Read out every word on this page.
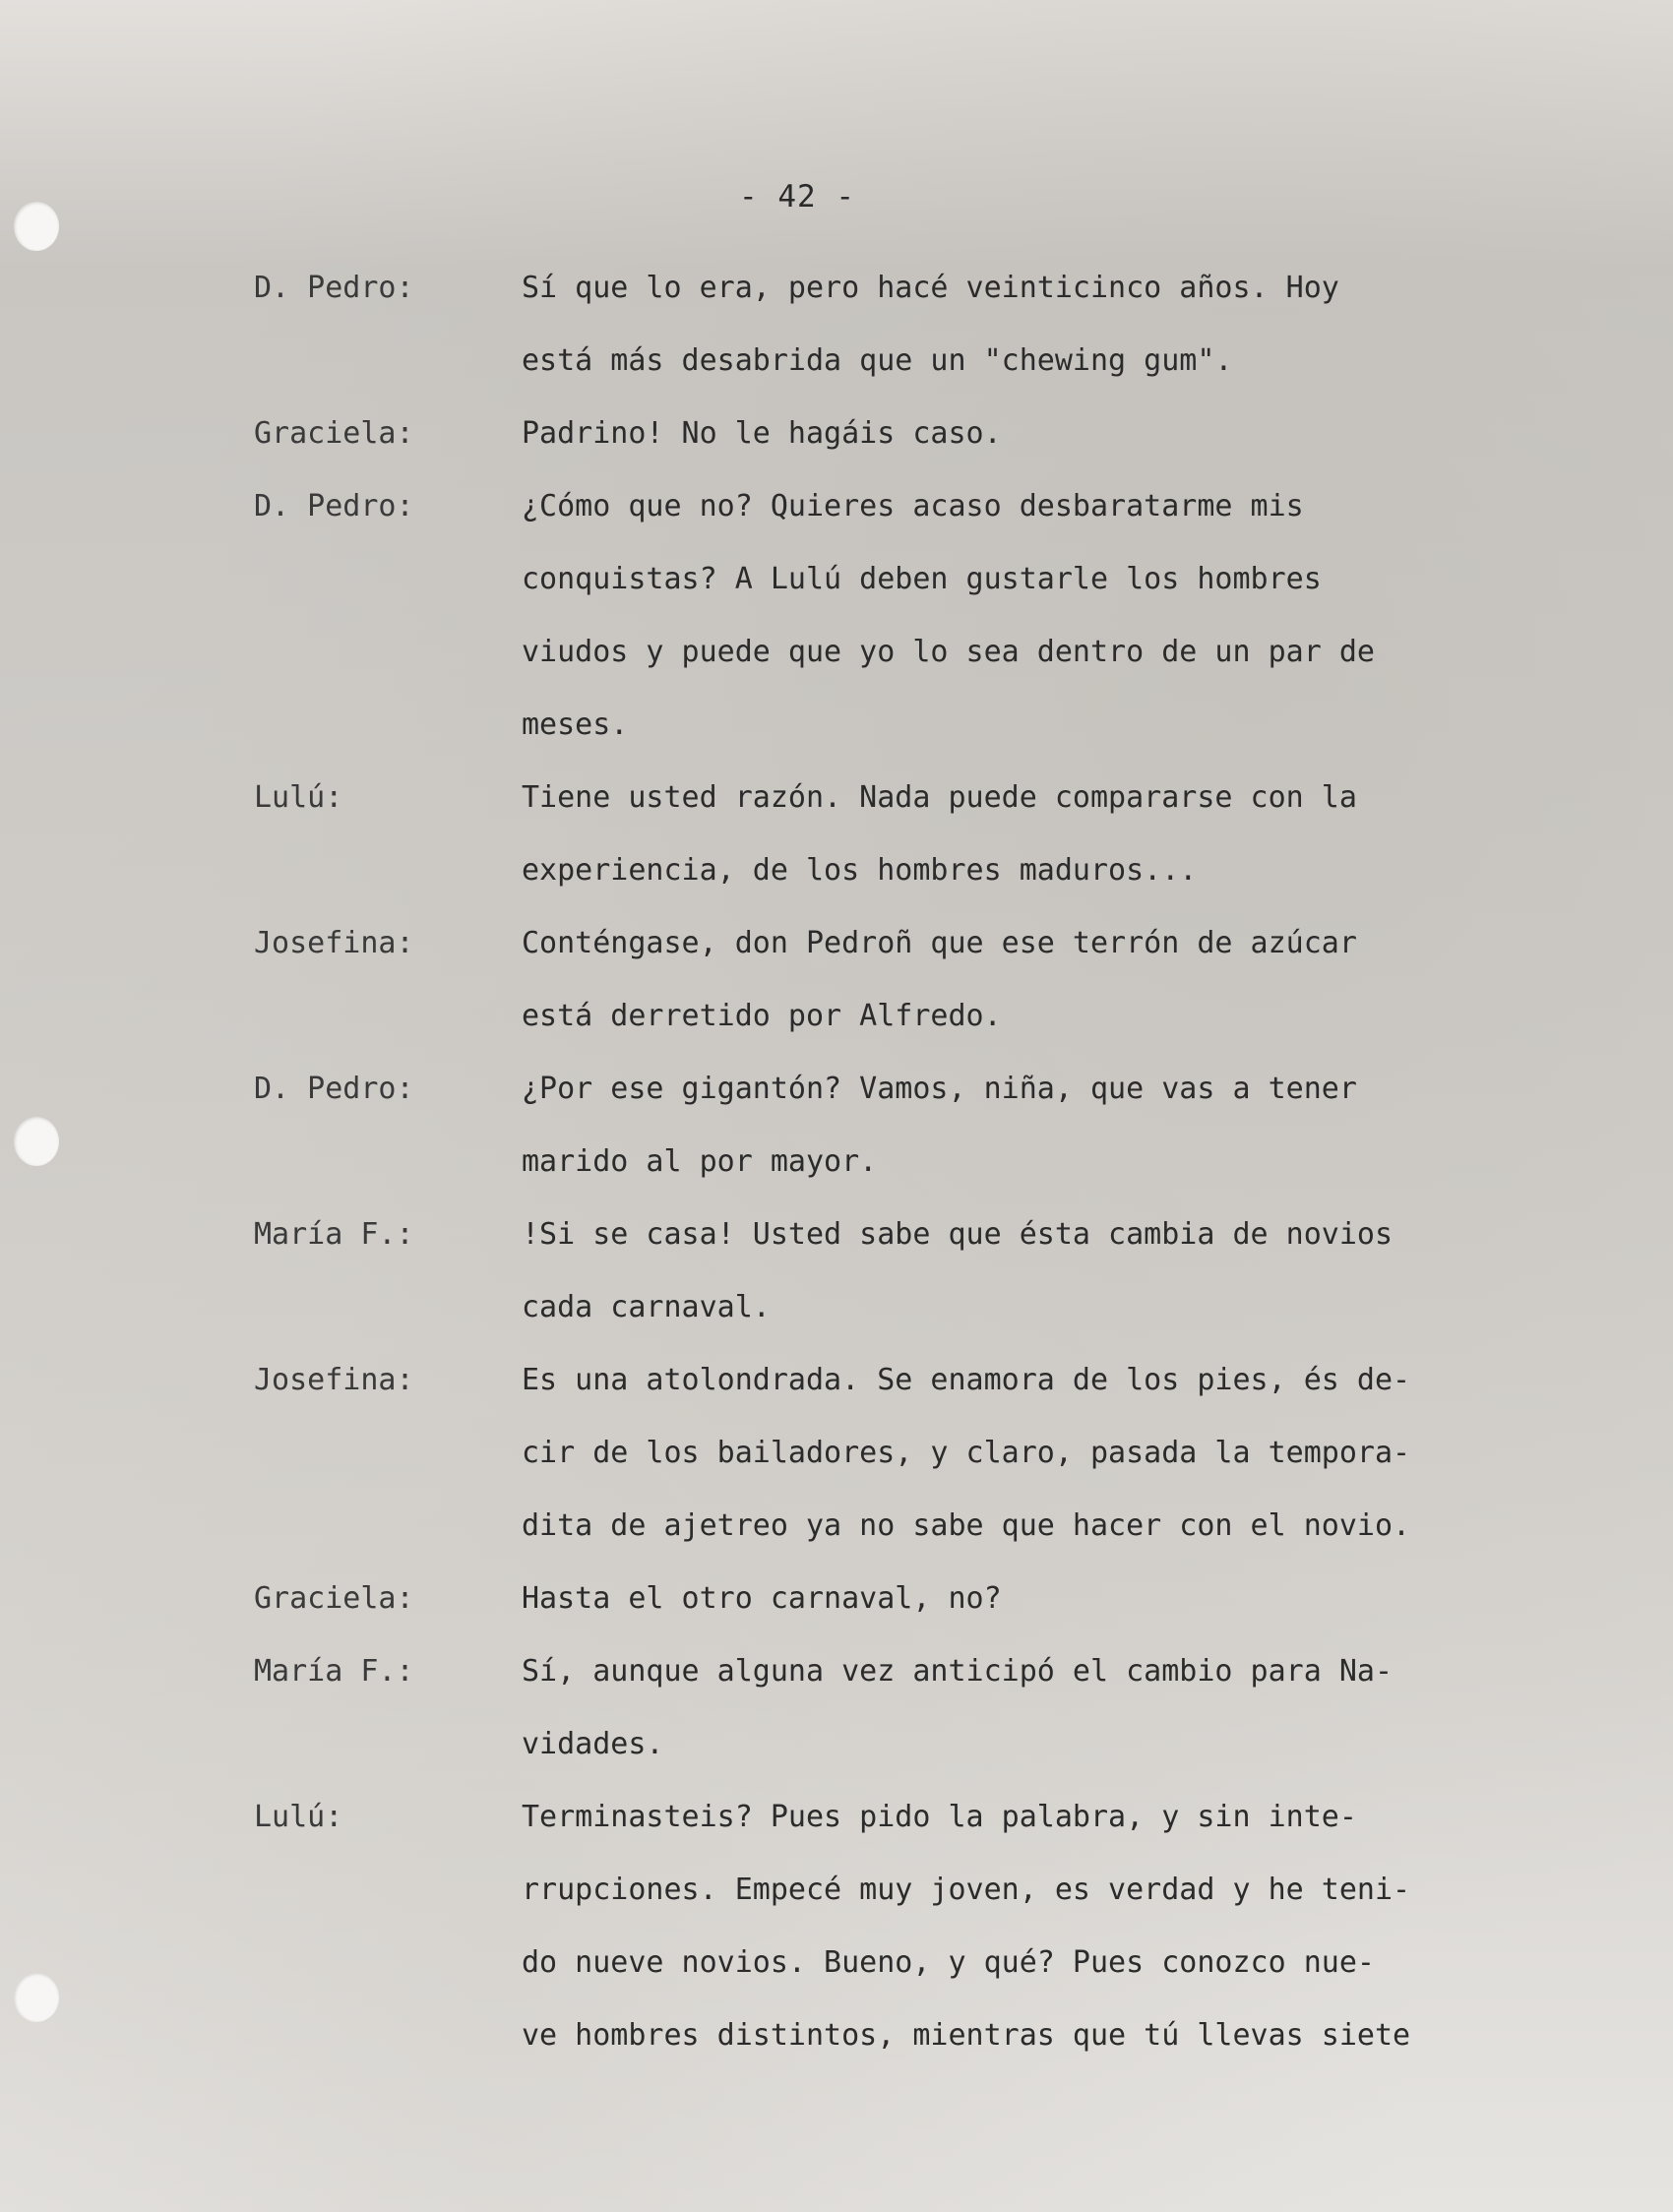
- 42 -
D. Pedro:	Sí que lo era, pero hacé veinticinco años. Hoy
está más desabrida que un "chewing gum".
Graciela:	Padrino! No le hagáis caso.
D. Pedro:	¿Cómo que no? Quieres acaso desbaratarme mis
conquistas? A Lulú deben gustarle los hombres
viudos y puede que yo lo sea dentro de un par de
meses.
Lulú:	Tiene usted razón. Nada puede compararse con la
experiencia, de los hombres maduros...
Josefina:	Conténgase, don Pedroñ que ese terrón de azúcar
está derretido por Alfredo.
D. Pedro:	¿Por ese gigantón? Vamos, niña, que vas a tener
marido al por mayor.
María F.:	!Si se casa! Usted sabe que ésta cambia de novios
cada carnaval.
Josefina:	Es una atolondrada. Se enamora de los pies, és de-
cir de los bailadores, y claro, pasada la tempora-
dita de ajetreo ya no sabe que hacer con el novio.
Graciela:	Hasta el otro carnaval, no?
María F.:	Sí, aunque alguna vez anticipó el cambio para Na-
vidades.
Lulú:	Terminasteis? Pues pido la palabra, y sin inte-
rrupciones. Empecé muy joven, es verdad y he teni-
do nueve novios. Bueno, y qué? Pues conozco nue-
ve hombres distintos, mientras que tú llevas siete
